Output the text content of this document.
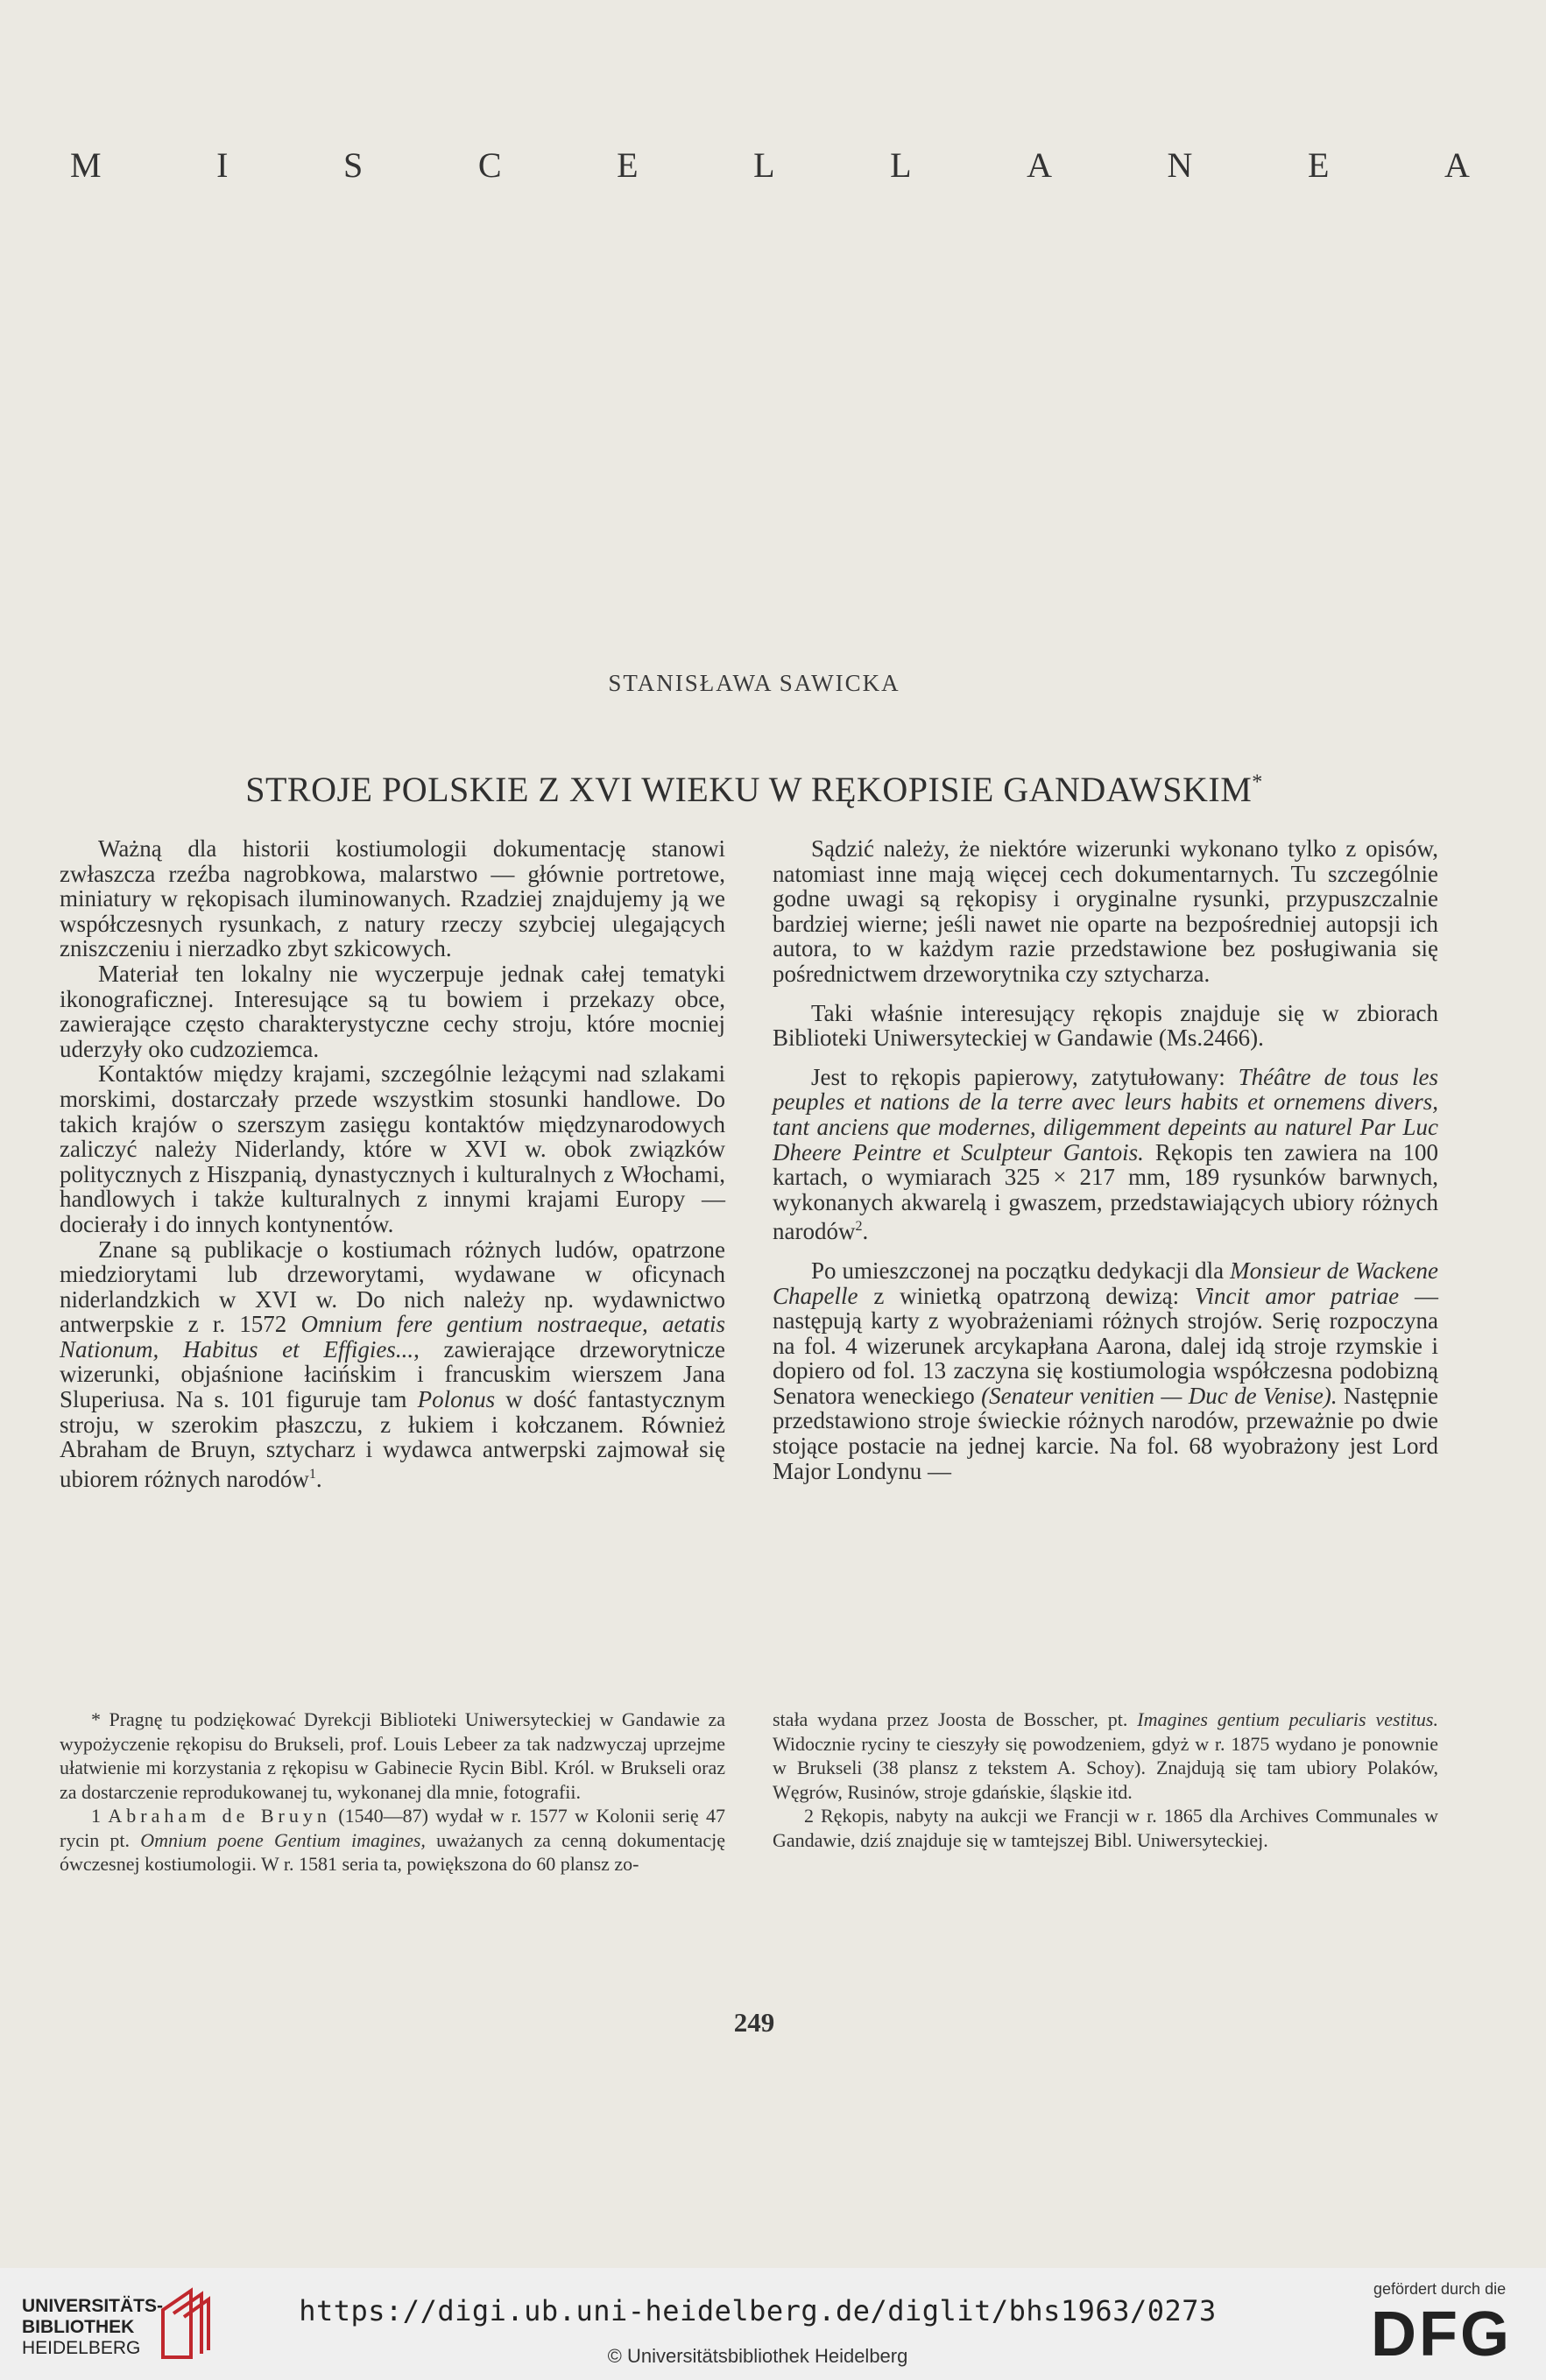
M	I	S	C	E	L	L	A	N	E	A
STANISŁAWA SAWICKA
STROJE POLSKIE Z XVI WIEKU W RĘKOPISIE GANDAWSKIM*

Ważną dla historii kostiumologii dokumentację stanowi zwłaszcza rzeźba nagrobkowa, malarstwo — głównie portretowe, miniatury w rękopisach iluminowanych. Rzadziej znajdujemy ją we współczesnych rysunkach, z natury rzeczy szybciej ulegających zniszczeniu i nierzadko zbyt szkicowych.

Materiał ten lokalny nie wyczerpuje jednak całej tematyki ikonograficznej. Interesujące są tu bowiem i przekazy obce, zawierające często charakterystyczne cechy stroju, które mocniej uderzyły oko cudzoziemca.

Kontaktów między krajami, szczególnie leżącymi nad szlakami morskimi, dostarczały przede wszystkim stosunki handlowe. Do takich krajów o szerszym zasięgu kontaktów międzynarodowych zaliczyć należy Niderlandy, które w XVI w. obok związków politycznych z Hiszpanią, dynastycznych i kulturalnych z Włochami, handlowych i także kulturalnych z innymi krajami Europy — docierały i do innych kontynentów.

Znane są publikacje o kostiumach różnych ludów, opatrzone miedziorytami lub drzeworytami, wydawane w oficynach niderlandzkich w XVI w. Do nich należy np. wydawnictwo antwerpskie z r. 1572 Omnium fere gentium nostraeque, aetatis Nationum, Habitus et Effigies..., zawierające drzeworytnicze wizerunki, objaśnione łacińskim i francuskim wierszem Jana Sluperiusa. Na s. 101 figuruje tam Polonus w dość fantastycznym stroju, w szerokim płaszczu, z łukiem i kołczanem. Również Abraham de Bruyn, sztycharz i wydawca antwerpski zajmował się ubiorem różnych narodów$^1$.

Sądzić należy, że niektóre wizerunki wykonano tylko z opisów, natomiast inne mają więcej cech dokumentarnych. Tu szczególnie godne uwagi są rękopisy i oryginalne rysunki, przypuszczalnie bardziej wierne; jeśli nawet nie oparte na bezpośredniej autopsji ich autora, to w każdym razie przedstawione bez posługiwania się pośrednictwem drzeworytnika czy sztycharza.

Taki właśnie interesujący rękopis znajduje się w zbiorach Biblioteki Uniwersyteckiej w Gandawie (Ms.2466).

Jest to rękopis papierowy, zatytułowany: Théâtre de tous les peuples et nations de la terre avec leurs habits et ornemens divers, tant anciens que modernes, diligemment depeints au naturel Par Luc Dheere Peintre et Sculpteur Gantois. Rękopis ten zawiera na 100 kartach, o wymiarach 325 × 217 mm, 189 rysunków barwnych, wykonanych akwarelą i gwaszem, przedstawiających ubiory różnych narodów$^2$.

Po umieszczonej na początku dedykacji dla Monsieur de Wackene Chapelle z winietką opatrzoną dewizą: Vincit amor patriae — następują karty z wyobrażeniami różnych strojów. Serię rozpoczyna na fol. 4 wizerunek arcykapłana Aarona, dalej idą stroje rzymskie i dopiero od fol. 13 zaczyna się kostiumologia współczesna podobizną Senatora weneckiego (Senateur venitien — Duc de Venise). Następnie przedstawiono stroje świeckie różnych narodów, przeważnie po dwie stojące postacie na jednej karcie. Na fol. 68 wyobrażony jest Lord Major Londynu —

* Pragnę tu podziękować Dyrekcji Biblioteki Uniwersyteckiej w Gandawie za wypożyczenie rękopisu do Brukseli, prof. Louis Lebeer za tak nadzwyczaj uprzejme ułatwienie mi korzystania z rękopisu w Gabinecie Rycin Bibl. Król. w Brukseli oraz za dostarczenie reprodukowanej tu, wykonanej dla mnie, fotografii.

1 Abraham de Bruyn (1540—87) wydał w r. 1577 w Kolonii serię 47 rycin pt. Omnium poene Gentium imagines, uważanych za cenną dokumentację ówczesnej kostiumologii. W r. 1581 seria ta, powiększona do 60 plansz zo-

stała wydana przez Joosta de Bosscher, pt. Imagines gentium peculiaris vestitus. Widocznie ryciny te cieszyły się powodzeniem, gdyż w r. 1875 wydano je ponownie w Brukseli (38 plansz z tekstem A. Schoy). Znajdują się tam ubiory Polaków, Węgrów, Rusinów, stroje gdańskie, śląskie itd.

2 Rękopis, nabyty na aukcji we Francji w r. 1865 dla Archives Communales w Gandawie, dziś znajduje się w tamtejszej Bibl. Uniwersyteckiej.

249
UNIVERSITÄTS-
BIBLIOTHEK
HEIDELBERG
https://digi.ub.uni-heidelberg.de/diglit/bhs1963/0273
© Universitätsbibliothek Heidelberg
gefördert durch die
DFG
